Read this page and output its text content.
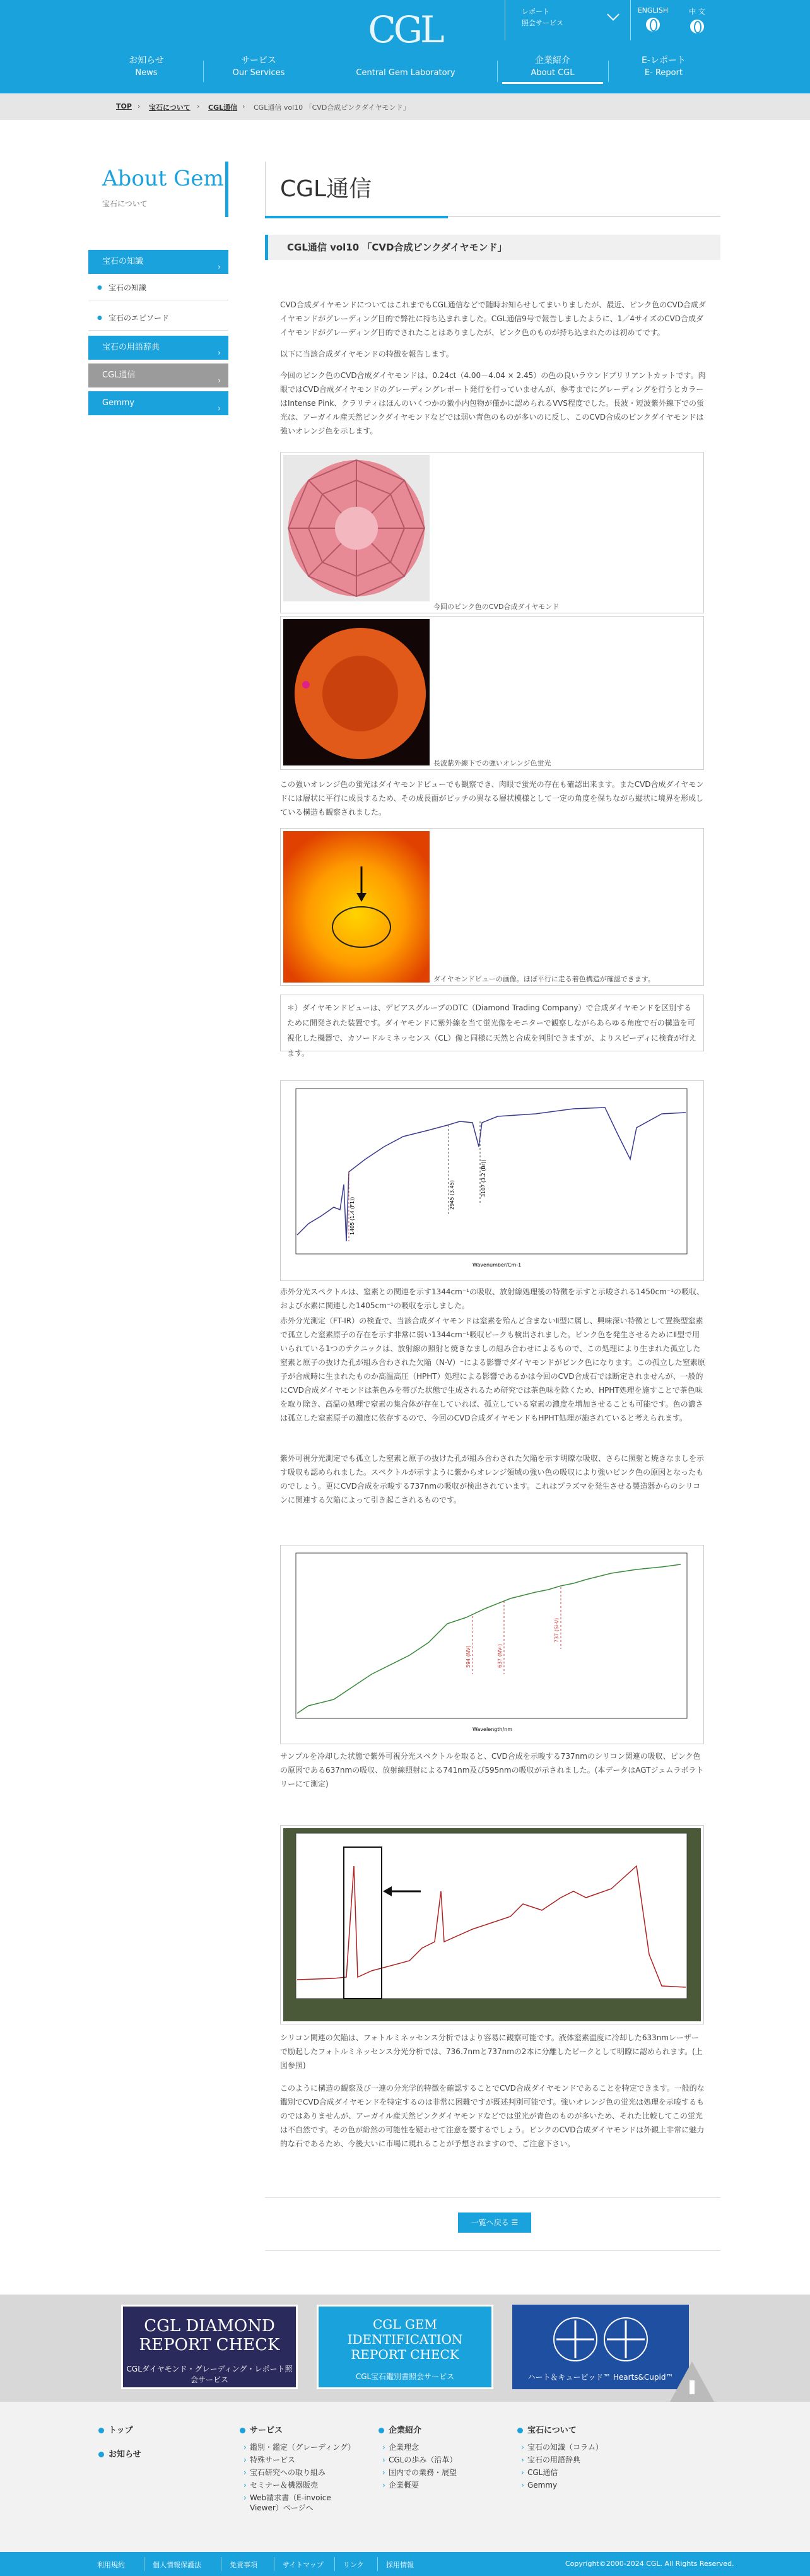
CGL	レポート
照会サービス
ENGLISH	中 文
お知らせ
News
サービス
Our Services	Central Gem Laboratory
企業紹介
About CGL
E-レポート
E- Report
TOP › 宝石について › CGL通信 › CGL通信 vol10 「CVD合成ピンクダイヤモンド」
About Gem
宝石について
宝石の知識
›
● 宝石の知識
● 宝石のエピソード
宝石の用語辞典
›
CGL通信
›
Gemmy
›
CGL通信
CGL通信 vol10 「CVD合成ピンクダイヤモンド」
CVD合成ダイヤモンドについてはこれまでもCGL通信などで随時お知らせしてまいりましたが、最近、ピンク色のCVD合成ダイヤモンドがグレーディング目的で弊社に持ち込まれました。CGL通信9号で報告しましたように、1／4サイズのCVD合成ダイヤモンドがグレーディング目的でされたことはありましたが、ピンク色のものが持ち込まれたのは初めてです。
以下に当該合成ダイヤモンドの特徴を報告します。
今回のピンク色のCVD合成ダイヤモンドは、0.24ct（4.00－4.04 × 2.45）の色の良いラウンドブリリアントカットです。肉眼ではCVD合成ダイヤモンドのグレーディングレポート発行を行っていませんが、参考までにグレーディングを行うとカラーはIntense Pink、クラリティはほんのいくつかの微小内包物が僅かに認められるVVS程度でした。長波・短波紫外線下での蛍光は、アーガイル産天然ピンクダイヤモンドなどでは弱い青色のものが多いのに反し、このCVD合成のピンクダイヤモンドは強いオレンジ色を示します。
今回のピンク色のCVD合成ダイヤモンド
長波紫外線下での強いオレンジ色蛍光
この強いオレンジ色の蛍光はダイヤモンドビューでも観察でき、肉眼で蛍光の存在も確認出来ます。またCVD合成ダイヤモンドには層状に平行に成長するため、その成長面がピッチの異なる層状模様として一定の角度を保ちながら縦状に境界を形成している構造も観察されました。
ダイヤモンドビューの画像。ほぼ平行に走る着色構造が確認できます。
＊）ダイヤモンドビューは、デビアスグループのDTC（Diamond Trading Company）で合成ダイヤモンドを区別するために開発された装置です。ダイヤモンドに紫外線を当て蛍光像をモニターで観察しながらあらゆる角度で石の構造を可視化した機器で、カソードルミネッセンス（CL）像と同様に天然と合成を判別できますが、よりスピーディに検査が行えます。
1405 (1.4 (F1))
2945 (3.45)	3107 (3.2 (Br))
Wavenumber/Cm-1
赤外分光スペクトルは、窒素との関連を示す1344cm⁻¹の吸収、放射線処理後の特徴を示すと示唆される1450cm⁻¹の吸収、および水素に関連した1405cm⁻¹の吸収を示しました。
赤外分光測定（FT-IR）の検査で、当該合成ダイヤモンドは窒素を殆んど含まないⅡ型に属し、興味深い特徴として置換型窒素で孤立した窒素原子の存在を示す非常に弱い1344cm⁻¹吸収ピークも検出されました。ピンク色を発生させるためにⅡ型で用いられている1つのテクニックは、放射線の照射と焼きなましの組み合わせによるもので、この処理により生まれた孤立した窒素と原子の抜けた孔が組み合わされた欠陥（N-V）⁻による影響でダイヤモンドがピンク色になります。この孤立した窒素原子が合成時に生まれたものか高温高圧（HPHT）処理による影響であるかは今回のCVD合成石では断定されませんが、一般的にCVD合成ダイヤモンドは茶色みを帯びた状態で生成されるため研究では茶色味を除くため、HPHT処理を施すことで茶色味を取り除き、高温の処理で窒素の集合体が存在していれば、孤立している窒素の濃度を増加させることも可能です。色の濃さは孤立した窒素原子の濃度に依存するので、今回のCVD合成ダイヤモンドもHPHT処理が施されていると考えられます。
紫外可視分光測定でも孤立した窒素と原子の抜けた孔が組み合わされた欠陥を示す明瞭な吸収、さらに照射と焼きなましを示す吸収も認められました。スペクトルが示すように紫からオレンジ領域の強い色の吸収により強いピンク色の原因となったものでしょう。更にCVD合成を示唆する737nmの吸収が検出されています。これはプラズマを発生させる製造器からのシリコンに関連する欠陥によって引き起こされるものです。
594 (NV)	637 (NV-)
737 (Si-V)
Wavelength/nm
サンプルを冷却した状態で紫外可視分光スペクトルを取ると、CVD合成を示唆する737nmのシリコン関連の吸収、ピンク色の原因である637nmの吸収、放射線照射による741nm及び595nmの吸収が示されました。(本データはAGTジェムラボラトリーにて測定)
シリコン関連の欠陥は、フォトルミネッセンス分析ではより容易に観察可能です。液体窒素温度に冷却した633nmレーザーで励起したフォトルミネッセンス分光分析では、736.7nmと737nmの2本に分離したピークとして明瞭に認められます。(上図参照)
このように構造の観察及び一連の分光学的特徴を確認することでCVD合成ダイヤモンドであることを特定できます。一般的な鑑別でCVD合成ダイヤモンドを特定するのは非常に困難ですが既述判別可能です。強いオレンジ色の蛍光は処理を示唆するものではありませんが、アーガイル産天然ピンクダイヤモンドなどでは蛍光が青色のものが多いため、それた比較してこの蛍光は不自然です。その色が紛然の可能性を疑わせて注意を要するでしょう。ピンクのCVD合成ダイヤモンドは外観上非常に魅力的な石であるため、今後大いに市場に現れることが予想されますので、ご注意下さい。
一覧へ戻る ☰
CGL DIAMOND REPORT CHECK
CGLダイヤモンド・グレーディング・レポート照会サービス
CGL GEM IDENTIFICATION REPORT CHECK
CGL宝石鑑別書照会サービス	ハート＆キューピッド™ Hearts&Cupid™
トップ
お知らせ
サービス
› 鑑別・鑑定（グレーディング）
› 特殊サービス
› 宝石研究への取り組み
› セミナー＆機器販売
› Web請求書（E-invoice Viewer）ページへ
企業紹介
› 企業理念
› CGLの歩み（沿革）
› 国内での業務・展望
› 企業概要
宝石について
› 宝石の知識（コラム）
› 宝石の用語辞典
› CGL通信
› Gemmy
利用規約	個人情報保護法	免責事項	サイトマップ	リンク	採用情報	Copyright©2000-2024 CGL. All Rights Reserved.
